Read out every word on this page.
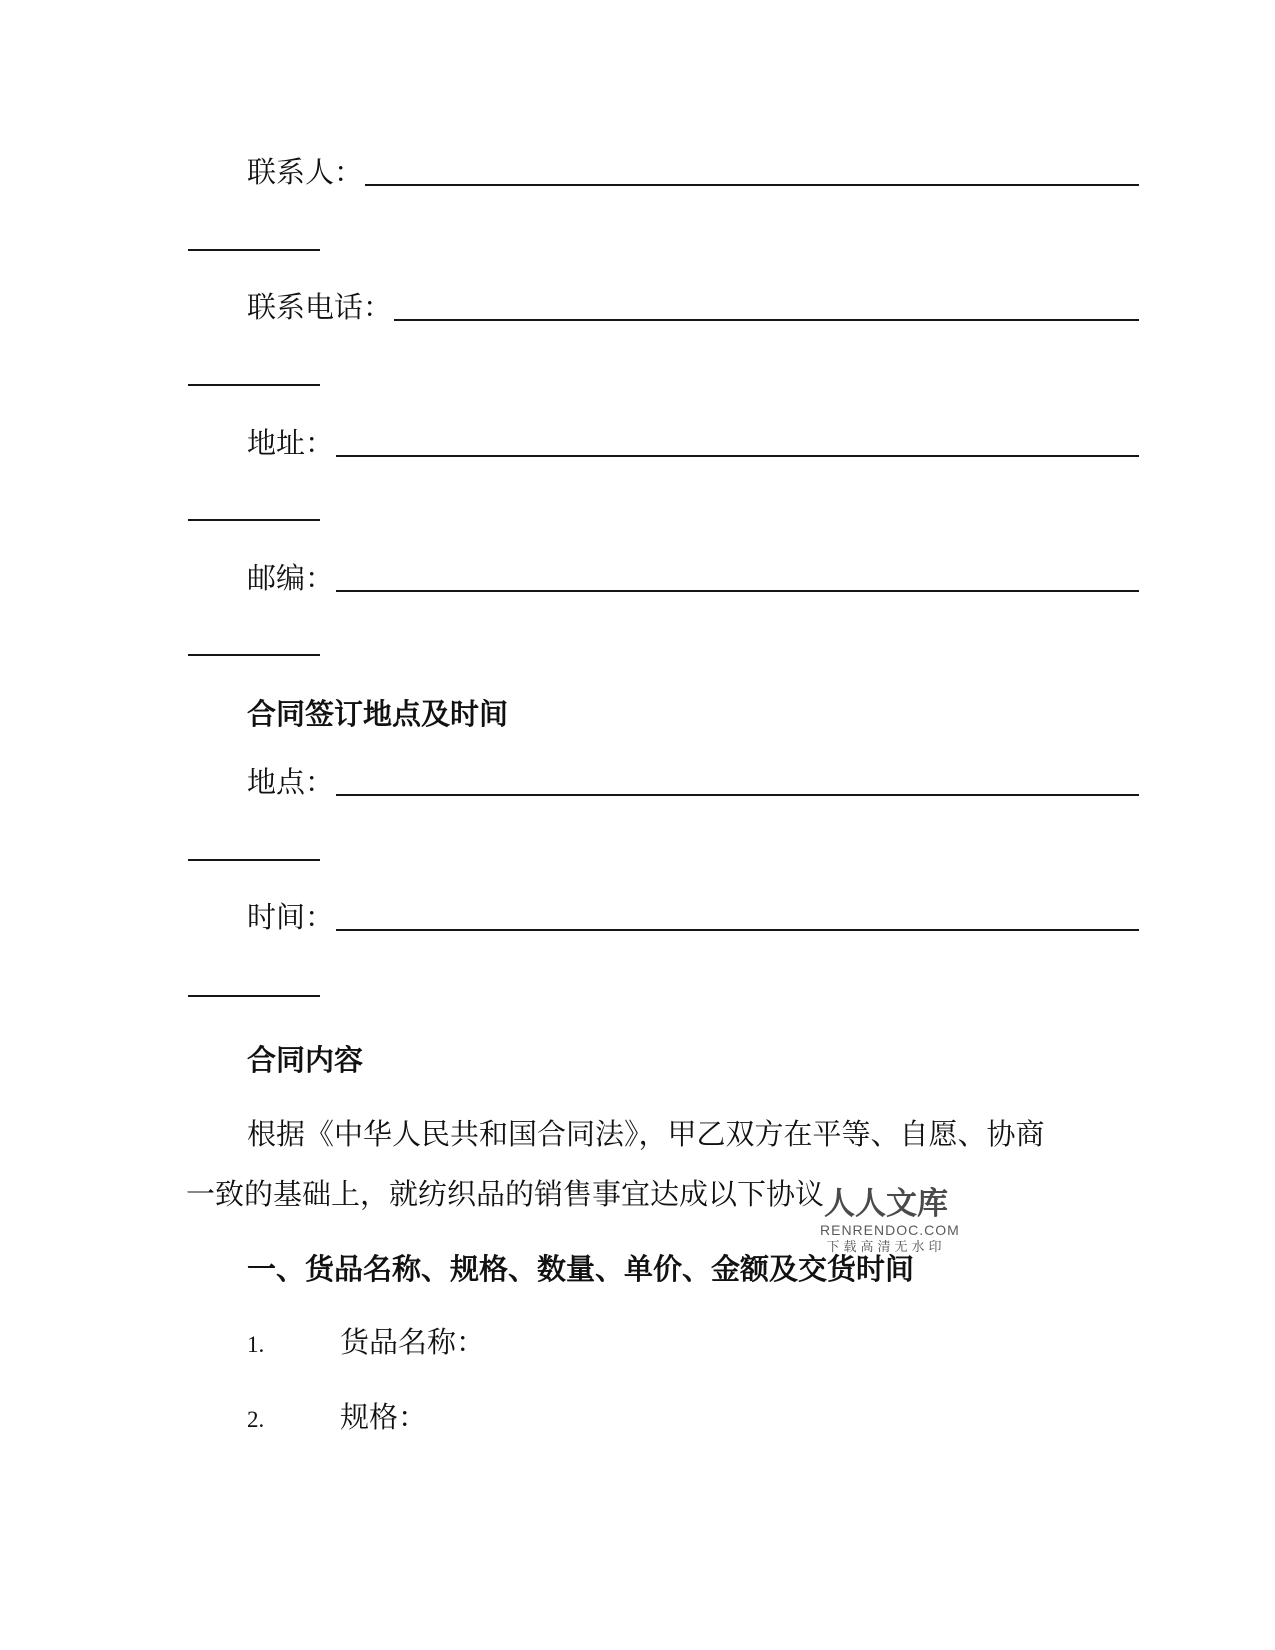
联系人：
联系电话：
地址：
邮编：
合同签订地点及时间
地点：
时间：
合同内容
根据《中华人民共和国合同法》，甲乙双方在平等、自愿、协商
一致的基础上，就纺织品的销售事宜达成以下协议
一、货品名称、规格、数量、单价、金额及交货时间
1.	货品名称：
2.	规格：
人人文库
RENRENDOC.COM
下载高清无水印
